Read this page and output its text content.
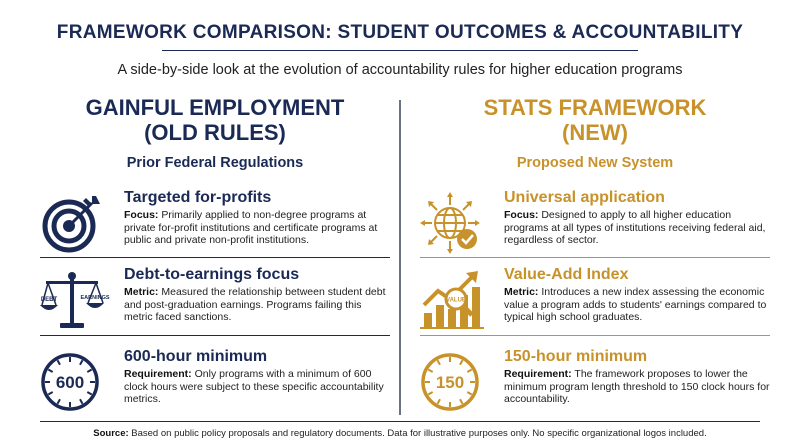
FRAMEWORK COMPARISON: STUDENT OUTCOMES & ACCOUNTABILITY
A side-by-side look at the evolution of accountability rules for higher education programs
GAINFUL EMPLOYMENT
(OLD RULES)
Prior Federal Regulations
Targeted for-profits

Focus: Primarily applied to non-degree programs at private for-profit institutions and certificate programs at public and private non-profit institutions.

DEBT	EARNINGS
Debt-to-earnings focus

Metric: Measured the relationship between student debt and post-graduation earnings. Programs failing this metric faced sanctions.

600
600-hour minimum

Requirement: Only programs with a minimum of 600 clock hours were subject to these specific accountability metrics.

STATS FRAMEWORK
(NEW)
Proposed New System
Universal application

Focus: Designed to apply to all higher education programs at all types of institutions receiving federal aid, regardless of sector.

VALUE
Value-Add Index

Metric: Introduces a new index assessing the economic value a program adds to students' earnings compared to typical high school graduates.

150
150-hour minimum

Requirement: The framework proposes to lower the minimum program length threshold to 150 clock hours for accountability.

Source: Based on public policy proposals and regulatory documents. Data for illustrative purposes only. No specific organizational logos included.
